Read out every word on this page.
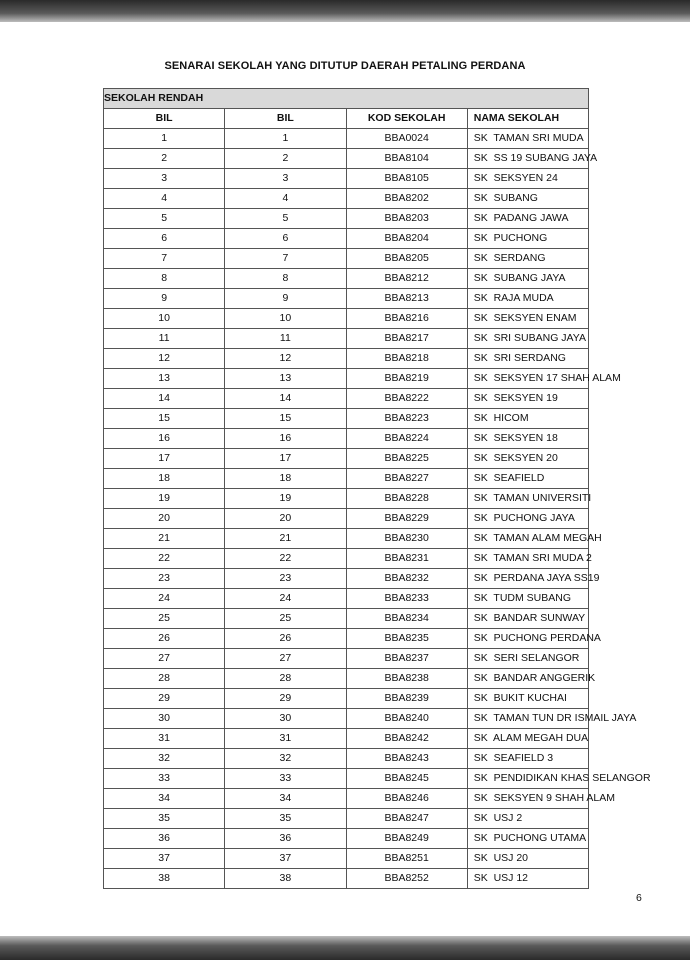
SENARAI SEKOLAH YANG DITUTUP DAERAH PETALING PERDANA
SEKOLAH RENDAH			
BIL	BIL	KOD SEKOLAH	NAMA SEKOLAH
1	1	BBA0024	SK  TAMAN SRI MUDA
2	2	BBA8104	SK  SS 19 SUBANG JAYA
3	3	BBA8105	SK  SEKSYEN 24
4	4	BBA8202	SK  SUBANG
5	5	BBA8203	SK  PADANG JAWA
6	6	BBA8204	SK  PUCHONG
7	7	BBA8205	SK  SERDANG
8	8	BBA8212	SK  SUBANG JAYA
9	9	BBA8213	SK  RAJA MUDA
10	10	BBA8216	SK  SEKSYEN ENAM
11	11	BBA8217	SK  SRI SUBANG JAYA
12	12	BBA8218	SK  SRI SERDANG
13	13	BBA8219	SK  SEKSYEN 17 SHAH ALAM
14	14	BBA8222	SK  SEKSYEN 19
15	15	BBA8223	SK  HICOM
16	16	BBA8224	SK  SEKSYEN 18
17	17	BBA8225	SK  SEKSYEN 20
18	18	BBA8227	SK  SEAFIELD
19	19	BBA8228	SK  TAMAN UNIVERSITI
20	20	BBA8229	SK  PUCHONG JAYA
21	21	BBA8230	SK  TAMAN ALAM MEGAH
22	22	BBA8231	SK  TAMAN SRI MUDA 2
23	23	BBA8232	SK  PERDANA JAYA SS19
24	24	BBA8233	SK  TUDM SUBANG
25	25	BBA8234	SK  BANDAR SUNWAY
26	26	BBA8235	SK  PUCHONG PERDANA
27	27	BBA8237	SK  SERI SELANGOR
28	28	BBA8238	SK  BANDAR ANGGERIK
29	29	BBA8239	SK  BUKIT KUCHAI
30	30	BBA8240	SK  TAMAN TUN DR ISMAIL JAYA
31	31	BBA8242	SK  ALAM MEGAH DUA
32	32	BBA8243	SK  SEAFIELD 3
33	33	BBA8245	SK  PENDIDIKAN KHAS SELANGOR
34	34	BBA8246	SK  SEKSYEN 9 SHAH ALAM
35	35	BBA8247	SK  USJ 2
36	36	BBA8249	SK  PUCHONG UTAMA
37	37	BBA8251	SK  USJ 20
38	38	BBA8252	SK  USJ 12
6
